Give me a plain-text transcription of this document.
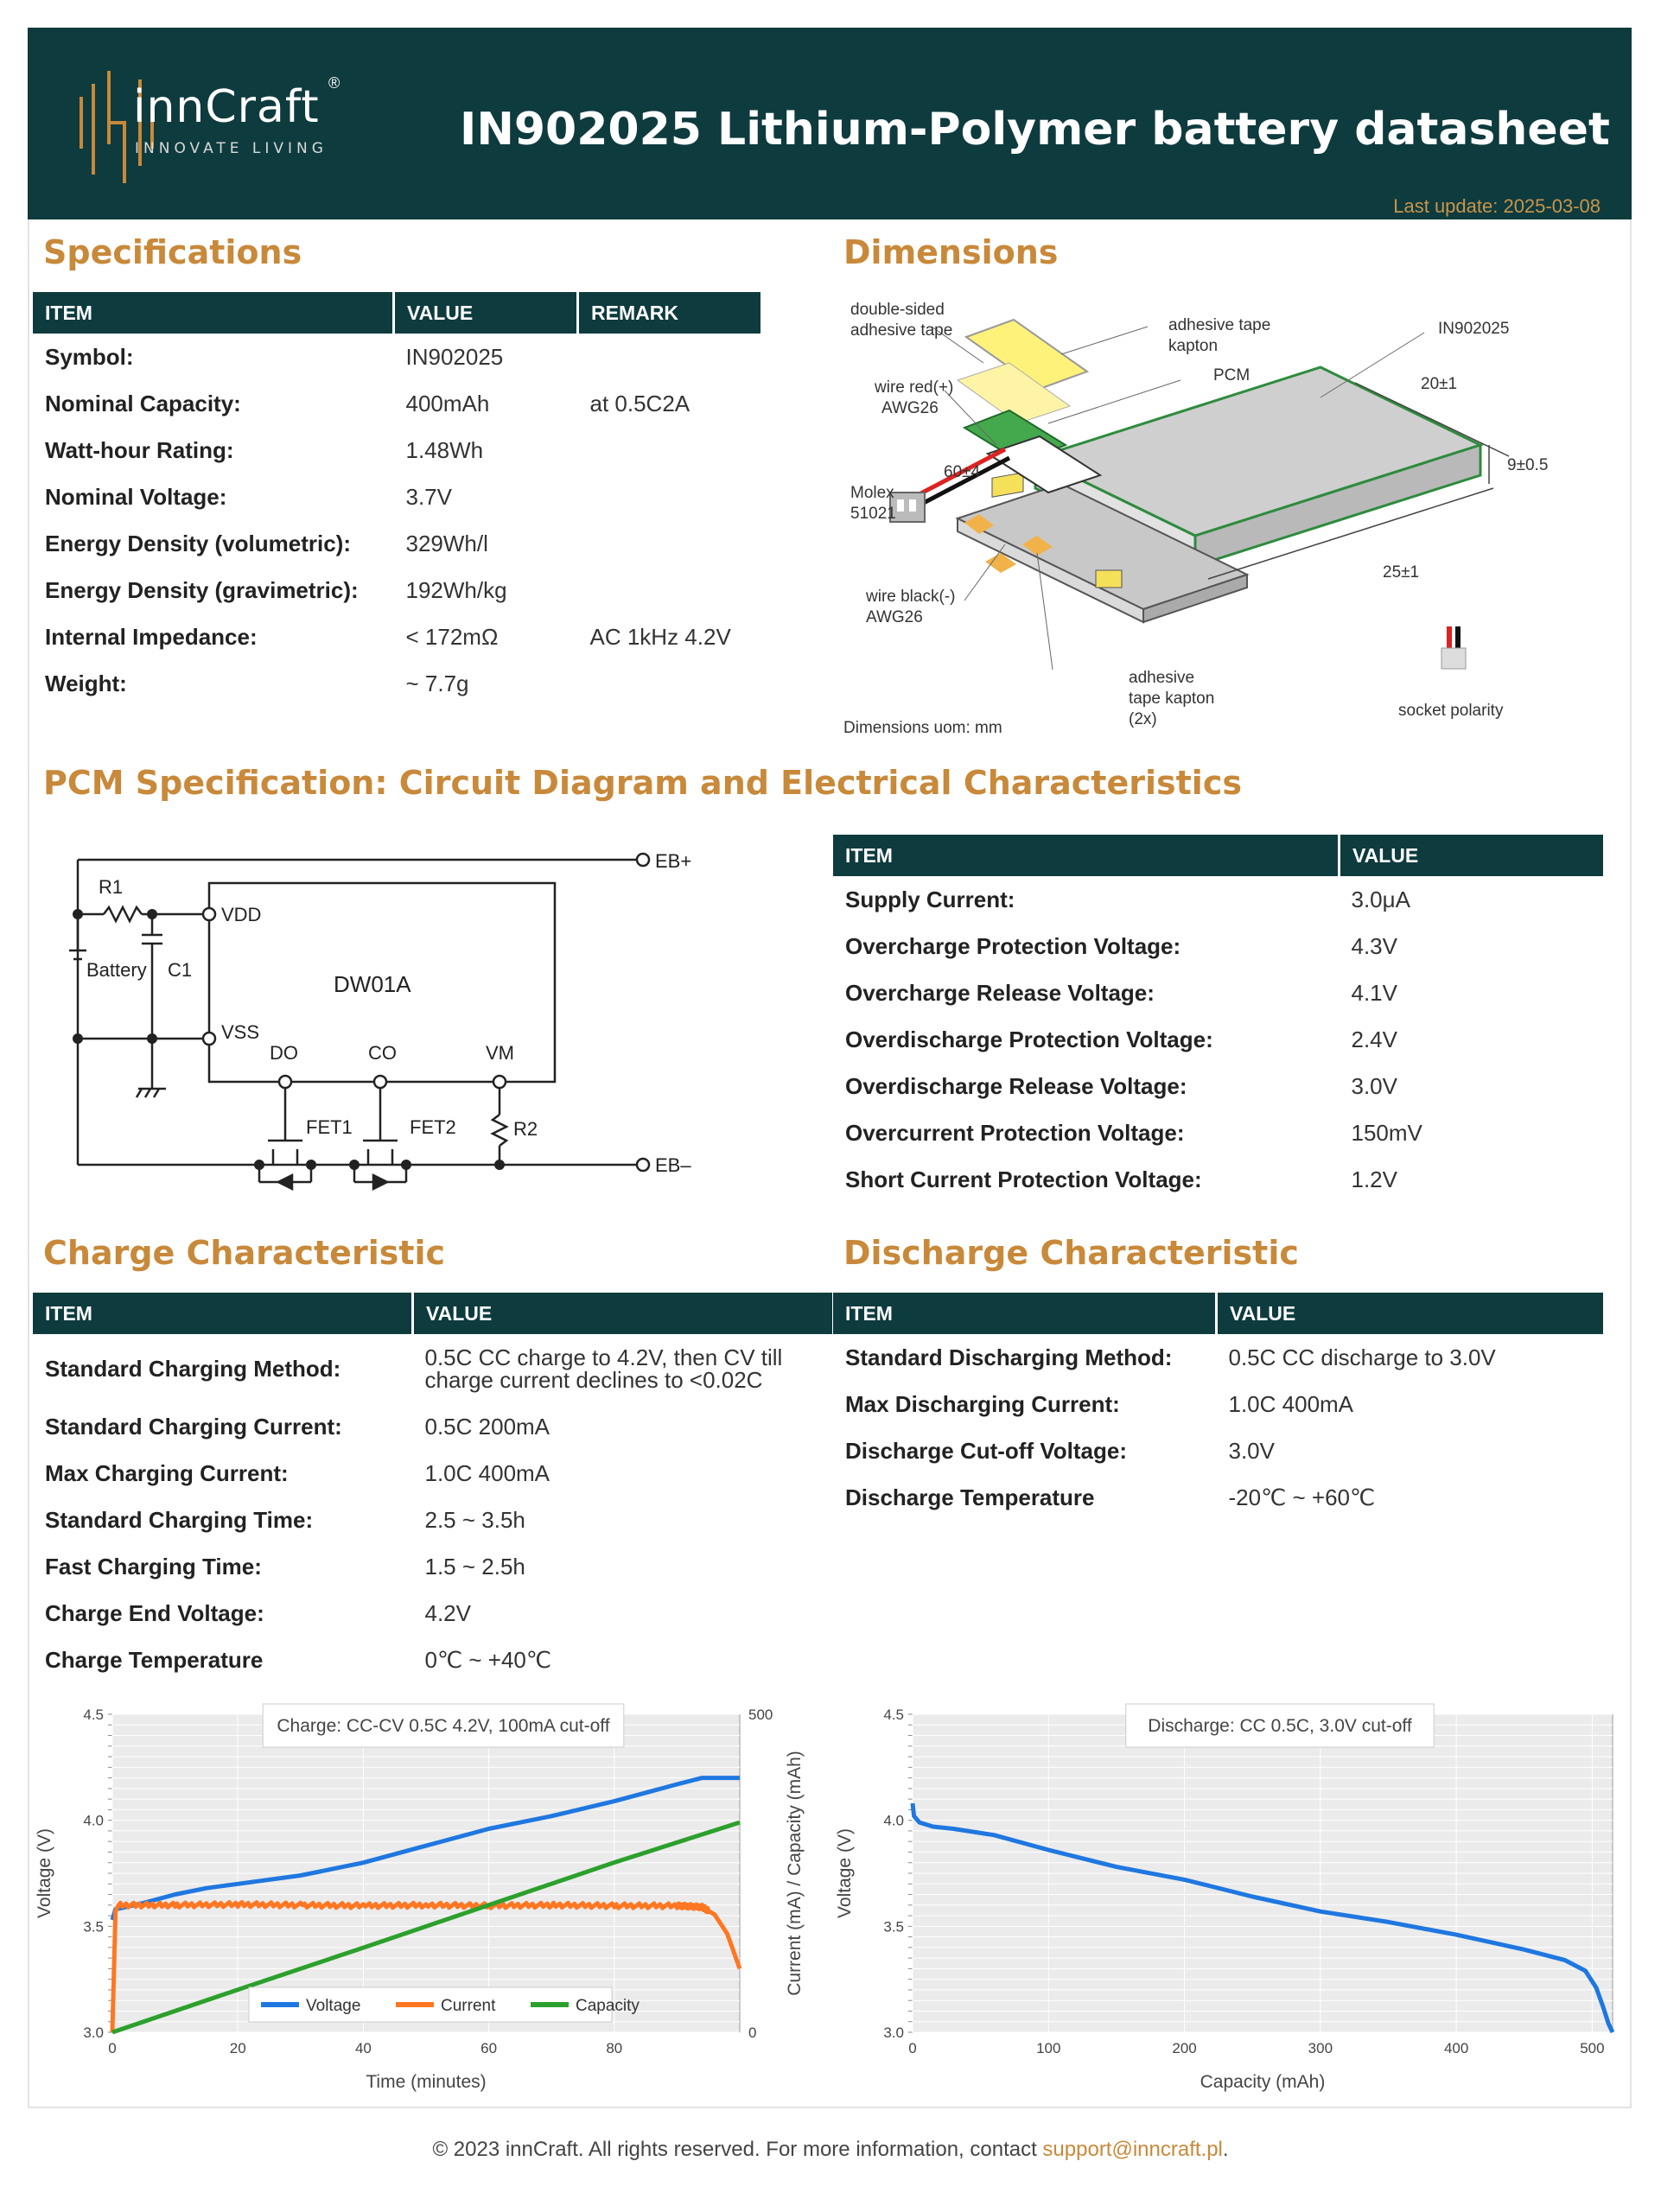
innCraft ®
INNOVATE LIVING	IN902025 Lithium-Polymer battery datasheet
Last update: 2025-03-08
Specifications
ITEM	VALUE	REMARK
Symbol:	IN902025	
Nominal Capacity:	400mAh	at 0.5C2A
Watt-hour Rating:	1.48Wh	
Nominal Voltage:	3.7V	
Energy Density (volumetric):	329Wh/l	
Energy Density (gravimetric):	192Wh/kg	
Internal Impedance:	< 172mΩ	AC 1kHz 4.2V
Weight:	~ 7.7g	
Dimensions
double-sided
adhesive tape	adhesive tape
kapton
PCM
IN902025
wire red(+)
AWG26
60±4
20±1
9±0.5
Molex
51021
25±1
wire black(-)
AWG26
adhesive
tape kapton
(2x)	socket polarity
Dimensions uom: mm
PCM Specification: Circuit Diagram and Electrical Characteristics
R1
Battery C1
VDD
VSS
DW01A
DO	CO	VM
R2
FET1	FET2
EB+
EB–
ITEM	VALUE
Supply Current:	3.0μA
Overcharge Protection Voltage:	4.3V
Overcharge Release Voltage:	4.1V
Overdischarge Protection Voltage:	2.4V
Overdischarge Release Voltage:	3.0V
Overcurrent Protection Voltage:	150mV
Short Current Protection Voltage:	1.2V
Charge Characteristic
ITEM	VALUE
Standard Charging Method:	0.5C CC charge to 4.2V, then CV till
charge current declines to <0.02C
Standard Charging Current:	0.5C 200mA
Max Charging Current:	1.0C 400mA
Standard Charging Time:	2.5 ~ 3.5h
Fast Charging Time:	1.5 ~ 2.5h
Charge End Voltage:	4.2V
Charge Temperature	0℃ ~ +40℃
Discharge Characteristic
ITEM	VALUE
Standard Discharging Method:	0.5C CC discharge to 3.0V
Max Discharging Current:	1.0C 400mA
Discharge Cut-off Voltage:	3.0V
Discharge Temperature	-20℃ ~ +60℃
3.0
3.5
4.0
4.5
0	20	40	60	80
0
500
Charge: CC-CV 0.5C 4.2V, 100mA cut-off
Time (minutes)
Voltage (V)	Current (mA) / Capacity (mAh)
Voltage	Current	Capacity
3.0
3.5
4.0
4.5
0	100	200	300	400	500
Discharge: CC 0.5C, 3.0V cut-off
Capacity (mAh)
Voltage (V)
© 2023 innCraft. All rights reserved. For more information, contact support@inncraft.pl.
